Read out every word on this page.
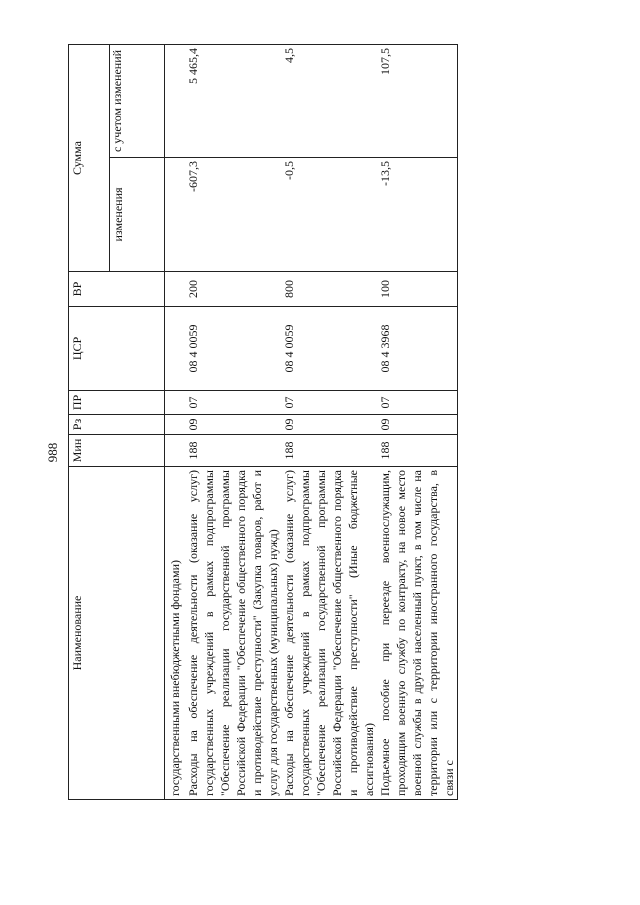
988
Наименование	Мин	Рз	ПР	ЦСР	ВР	Сумма	
						изменения	с учетом изменений
государственными внебюджетными фондами)							
Расходы на обеспечение деятельности (оказание услуг) государственных учреждений в рамках подпрограммы "Обеспечение реализации государственной программы Российской Федерации "Обеспечение общественного порядка и противодействие преступности" (Закупка товаров, работ и услуг для государственных (муниципальных) нужд)	188	09	07	08 4 0059	200	-607,3	5 465,4
Расходы на обеспечение деятельности (оказание услуг) государственных учреждений в рамках подпрограммы "Обеспечение реализации государственной программы Российской Федерации "Обеспечение общественного порядка и противодействие преступности" (Иные бюджетные ассигнования)	188	09	07	08 4 0059	800	-0,5	4,5
Подъемное пособие при переезде военнослужащим, проходящим военную службу по контракту, на новое место военной службы в другой населенный пункт, в том числе на территории или с территории иностранного государства, в связи с	188	09	07	08 4 3968	100	-13,5	107,5
